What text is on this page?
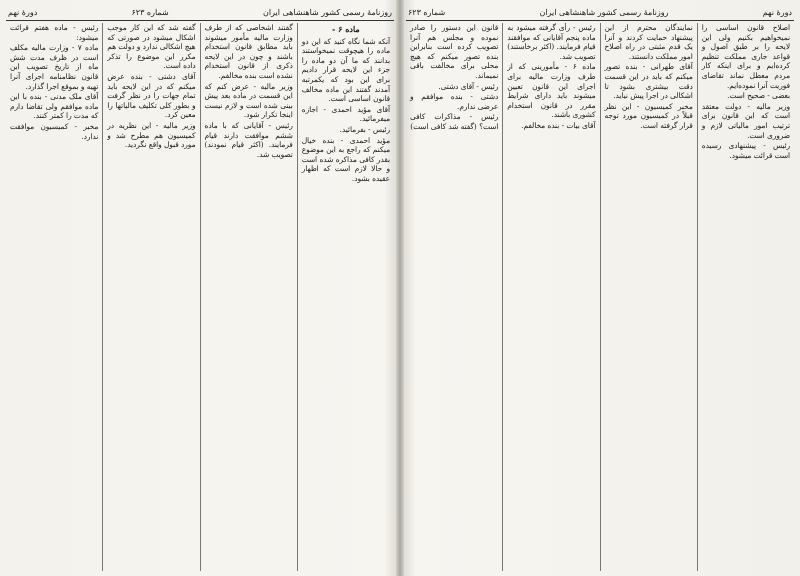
روزنامهٔ رسمی کشور شاهنشاهی ایران
شماره ۶۲۳
دورهٔ نهم
ماده ۶ -

آنکه شما نگاه کنید که این دو ماده را هیچوقت نمیخواستند بدانند که ما آن دو ماده را جزء این لایحه قرار دادیم برای این بود که یکمرتبه آمدند گفتند این ماده مخالف قانون اساسی است.

آقای مؤید احمدی - اجازه میفرمائید.

رئیس - بفرمائید.

مؤید احمدی - بنده خیال میکنم که راجع به این موضوع بقدر کافی مذاکره شده است و حالا لازم است که اظهار عقیده بشود.

گفتند اشخاصی که از طرف وزارت مالیه مأمور میشوند باید مطابق قانون استخدام باشند و چون در این لایحه ذکری از قانون استخدام نشده است بنده مخالفم.

وزیر مالیه - عرض کنم که این قسمت در ماده بعد پیش بینی شده است و لازم نیست اینجا تکرار شود.

رئیس - آقایانی که با ماده ششم موافقت دارند قیام فرمایند. (اکثر قیام نمودند) تصویب شد.

گفته شد که این کار موجب اشکال میشود در صورتی که هیچ اشکالی ندارد و دولت هم مکرر این موضوع را تذکر داده است.

آقای دشتی - بنده عرض میکنم که در این لایحه باید تمام جهات را در نظر گرفت و بطور کلی تکلیف مالیاتها را معین کرد.

وزیر مالیه - این نظریه در کمیسیون هم مطرح شد و مورد قبول واقع نگردید.

رئیس - ماده هفتم قرائت میشود:

ماده ۷ - وزارت مالیه مکلف است در ظرف مدت شش ماه از تاریخ تصویب این قانون نظامنامه اجرای آنرا تهیه و بموقع اجرا گذارد.

آقای ملک مدنی - بنده با این ماده موافقم ولی تقاضا دارم که مدت را کمتر کنند.

مخبر - کمیسیون موافقت ندارد.

دورهٔ نهم
روزنامهٔ رسمی کشور شاهنشاهی ایران
شماره ۶۲۳

اصلاح قانون اساسی را نمیخواهیم بکنیم ولی این لایحه را بر طبق اصول و قواعد جاری مملکت تنظیم کرده‌ایم و برای اینکه کار مردم معطل نماند تقاضای فوریت آنرا نموده‌ایم.

بعضی - صحیح است.

وزیر مالیه - دولت معتقد است که این قانون برای ترتیب امور مالیاتی لازم و ضروری است.

رئیس - پیشنهادی رسیده است قرائت میشود.

نمایندگان محترم از این پیشنهاد حمایت کردند و آنرا یک قدم مثبتی در راه اصلاح امور مملکت دانستند.

آقای طهرانی - بنده تصور میکنم که باید در این قسمت دقت بیشتری بشود تا اشکالی در اجرا پیش نیاید.

مخبر کمیسیون - این نظر قبلاً در کمیسیون مورد توجه قرار گرفته است.

رئیس - رأی گرفته میشود به ماده پنجم آقایانی که موافقند قیام فرمایند. (اکثر برخاستند) تصویب شد.

ماده ۶ - مأمورینی که از طرف وزارت مالیه برای اجرای این قانون تعیین میشوند باید دارای شرایط مقرر در قانون استخدام کشوری باشند.

آقای بیات - بنده مخالفم.

قانون این دستور را صادر نموده و مجلس هم آنرا تصویب کرده است بنابراین بنده تصور میکنم که هیچ محلی برای مخالفت باقی نمیماند.

رئیس - آقای دشتی.

دشتی - بنده موافقم و عرضی ندارم.

رئیس - مذاکرات کافی است؟ (گفته شد کافی است)
